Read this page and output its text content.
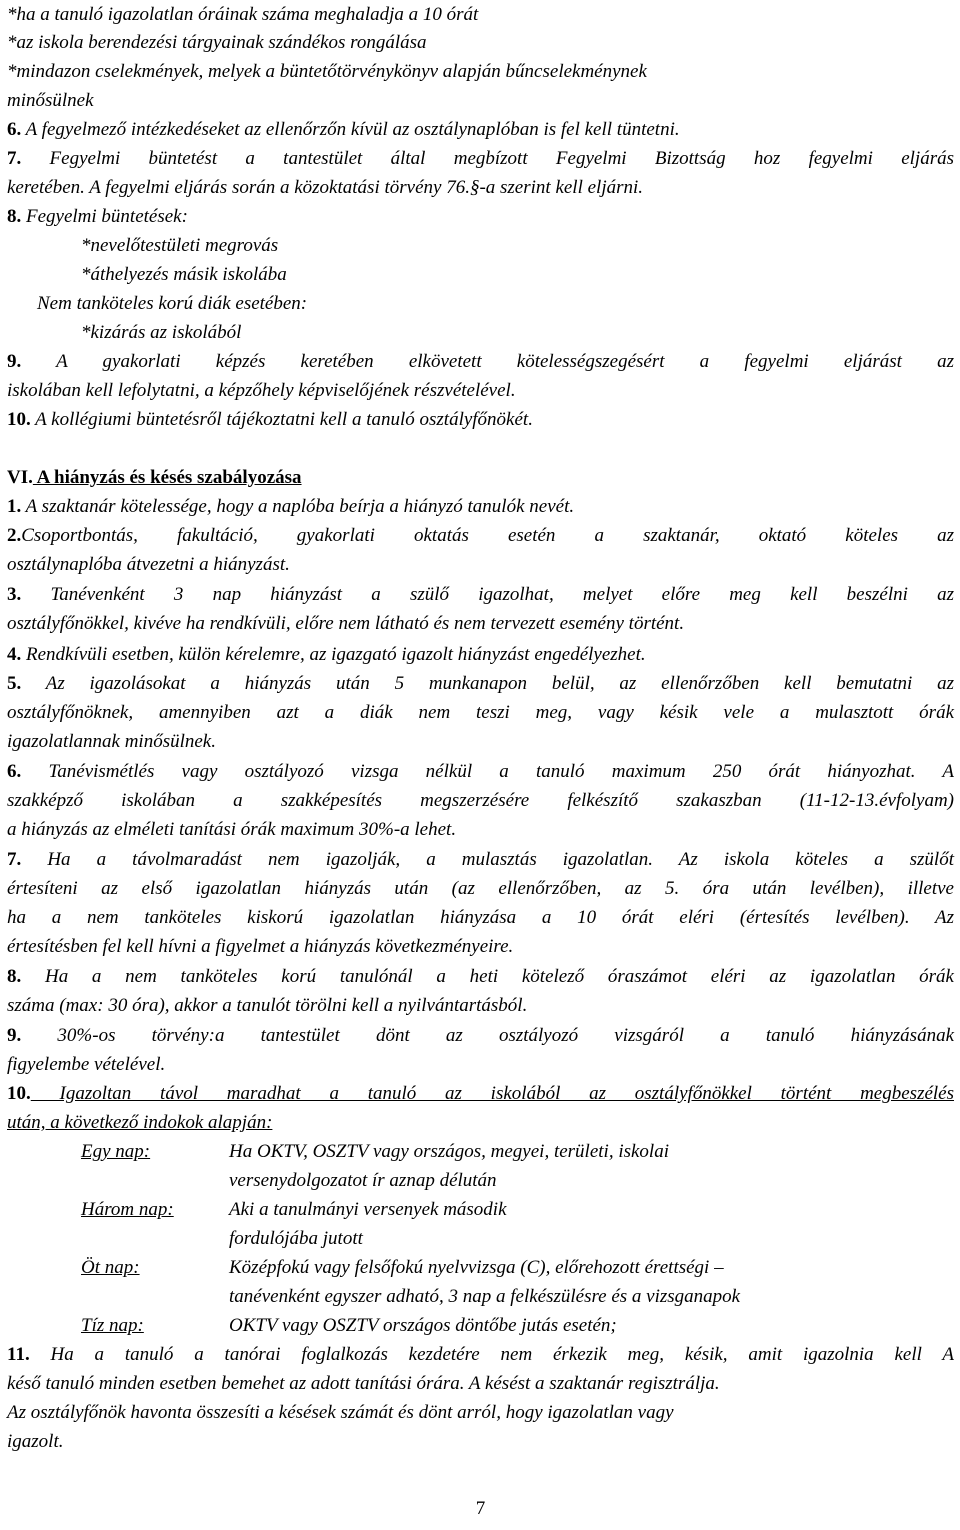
*ha a tanuló igazolatlan óráinak száma meghaladja a 10 órát
*az iskola berendezési tárgyainak szándékos rongálása
*mindazon cselekmények, melyek a büntetőtörvénykönyv alapján bűncselekménynek
minősülnek
6. A fegyelmező intézkedéseket az ellenőrzőn kívül az osztálynaplóban is fel kell tüntetni.
7. Fegyelmi büntetést a tantestület által megbízott Fegyelmi Bizottság hoz fegyelmi eljárás
keretében. A fegyelmi eljárás során a közoktatási törvény 76.§-a szerint kell eljárni.
8. Fegyelmi büntetések:
*nevelőtestületi megrovás
*áthelyezés másik iskolába
Nem tanköteles korú diák esetében:
*kizárás az iskolából
9. A gyakorlati képzés keretében elkövetett kötelességszegésért a fegyelmi eljárást az
iskolában kell lefolytatni, a képzőhely képviselőjének részvételével.
10. A kollégiumi büntetésről tájékoztatni kell a tanuló osztályfőnökét.
VI. A hiányzás és késés szabályozása
1. A szaktanár kötelessége, hogy a naplóba beírja a hiányzó tanulók nevét.
2.Csoportbontás, fakultáció, gyakorlati oktatás esetén a szaktanár, oktató köteles az
osztálynaplóba átvezetni a hiányzást.
3. Tanévenként 3 nap hiányzást a szülő igazolhat, melyet előre meg kell beszélni az
osztályfőnökkel, kivéve ha rendkívüli, előre nem látható és nem tervezett esemény történt.
4. Rendkívüli esetben, külön kérelemre, az igazgató igazolt hiányzást engedélyezhet.
5. Az igazolásokat a hiányzás után 5 munkanapon belül, az ellenőrzőben kell bemutatni az
osztályfőnöknek, amennyiben azt a diák nem teszi meg, vagy késik vele a mulasztott órák
igazolatlannak minősülnek.
6. Tanévismétlés vagy osztályozó vizsga nélkül a tanuló maximum 250 órát hiányozhat. A
szakképző iskolában a szakképesítés megszerzésére felkészítő szakaszban (11-12-13.évfolyam)
a hiányzás az elméleti tanítási órák maximum 30%-a lehet.
7. Ha a távolmaradást nem igazolják, a mulasztás igazolatlan. Az iskola köteles a szülőt
értesíteni az első igazolatlan hiányzás után (az ellenőrzőben, az 5. óra után levélben), illetve
ha a nem tanköteles kiskorú igazolatlan hiányzása a 10 órát eléri (értesítés levélben). Az
értesítésben fel kell hívni a figyelmet a hiányzás következményeire.
8. Ha a nem tanköteles korú tanulónál a heti kötelező óraszámot eléri az igazolatlan órák
száma (max: 30 óra), akkor a tanulót törölni kell a nyilvántartásból.
9. 30%-os törvény:a tantestület dönt az osztályozó vizsgáról a tanuló hiányzásának
figyelembe vételével.
10. Igazoltan távol maradhat a tanuló az iskolából az osztályfőnökkel történt megbeszélés
után, a következő indokok alapján:
Egy nap:	Ha OKTV, OSZTV vagy országos, megyei, területi, iskolai
versenydolgozatot ír aznap délután
Három nap:	Aki a tanulmányi versenyek második
fordulójába jutott
Öt nap:	Középfokú vagy felsőfokú nyelvvizsga (C), előrehozott érettségi –
tanévenként egyszer adható, 3 nap a felkészülésre és a vizsganapok
Tíz nap:	OKTV vagy OSZTV országos döntőbe jutás esetén;
11. Ha a tanuló a tanórai foglalkozás kezdetére nem érkezik meg, késik, amit igazolnia kell A
késő tanuló minden esetben bemehet az adott tanítási órára. A késést a szaktanár regisztrálja.
Az osztályfőnök havonta összesíti a késések számát és dönt arról, hogy igazolatlan vagy
igazolt.
7
